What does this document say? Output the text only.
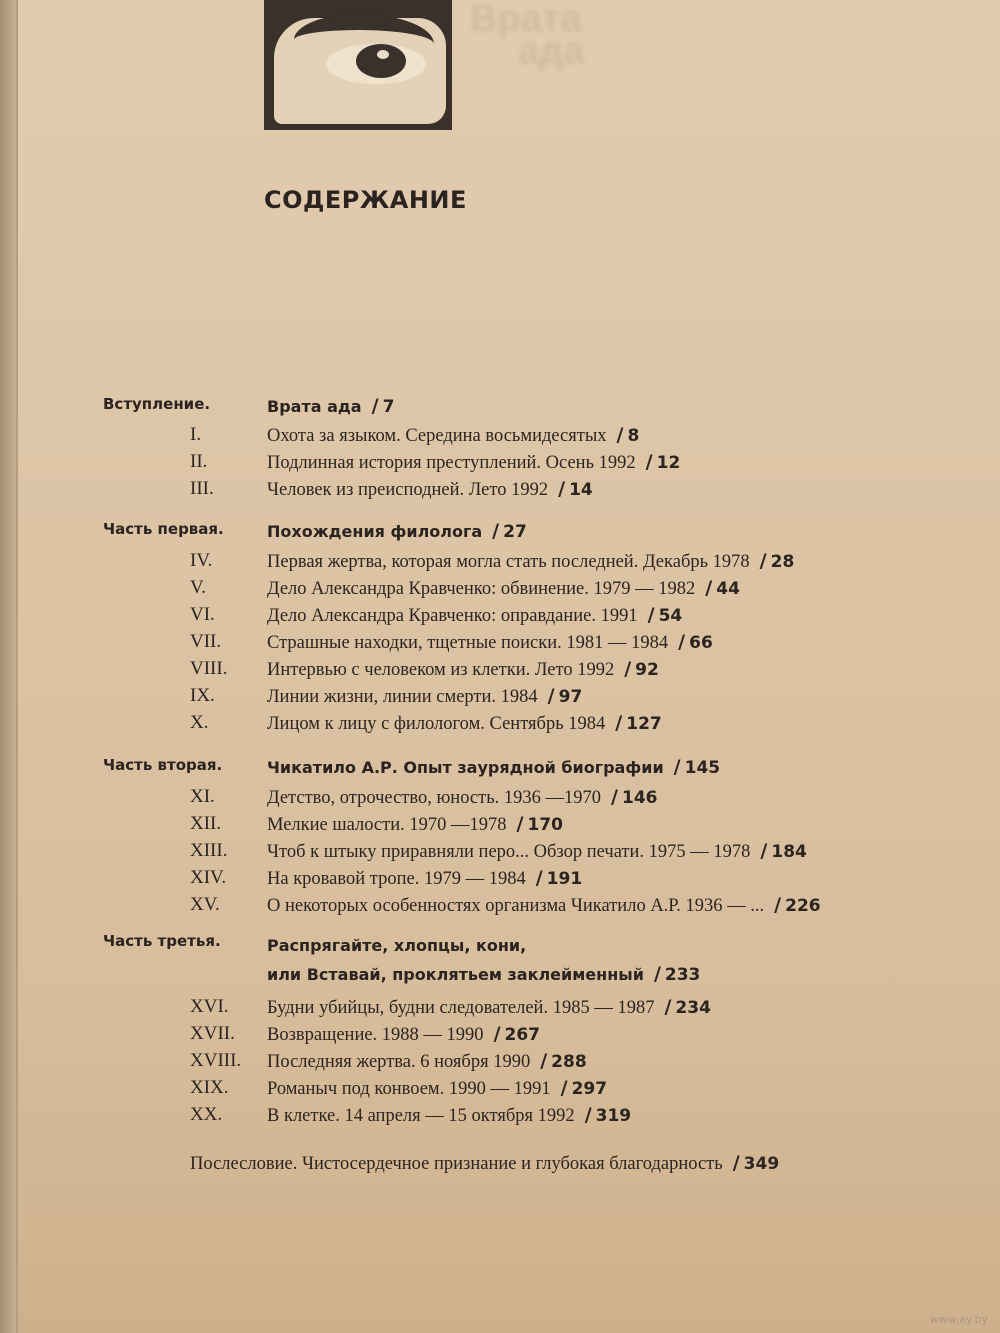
Врата
ада
СОДЕРЖАНИЕ
Вступление.	Врата ада / 7
I.	Охота за языком. Середина восьмидесятых / 8
II.	Подлинная история преступлений. Осень 1992 / 12
III.	Человек из преисподней. Лето 1992 / 14
Часть первая.	Похождения филолога / 27
IV.	Первая жертва, которая могла стать последней. Декабрь 1978 / 28
V.	Дело Александра Кравченко: обвинение. 1979 — 1982 / 44
VI.	Дело Александра Кравченко: оправдание. 1991 / 54
VII. Страшные находки, тщетные поиски. 1981 — 1984 / 66
VIII. Интервью с человеком из клетки. Лето 1992 / 92
IX.	Линии жизни, линии смерти. 1984 / 97
X.	Лицом к лицу с филологом. Сентябрь 1984 / 127
Часть вторая.	Чикатило А.Р. Опыт заурядной биографии / 145
XI.	Детство, отрочество, юность. 1936 —1970 / 146
XII. Мелкие шалости. 1970 —1978 / 170
XIII. Чтоб к штыку приравняли перо... Обзор печати. 1975 — 1978 / 184
XIV. На кровавой тропе. 1979 — 1984 / 191
XV.	О некоторых особенностях организма Чикатило А.Р. 1936 — ... / 226
Часть третья.	Распрягайте, хлопцы, кони,
или Вставай, проклятьем заклейменный / 233
XVI. Будни убийцы, будни следователей. 1985 — 1987 / 234
XVII. Возвращение. 1988 — 1990 / 267
XVIII. Последняя жертва. 6 ноября 1990 / 288
XIX. Романыч под конвоем. 1990 — 1991 / 297
XX. В клетке. 14 апреля — 15 октября 1992 / 319
Послесловие. Чистосердечное признание и глубокая благодарность / 349
www.ay.by
